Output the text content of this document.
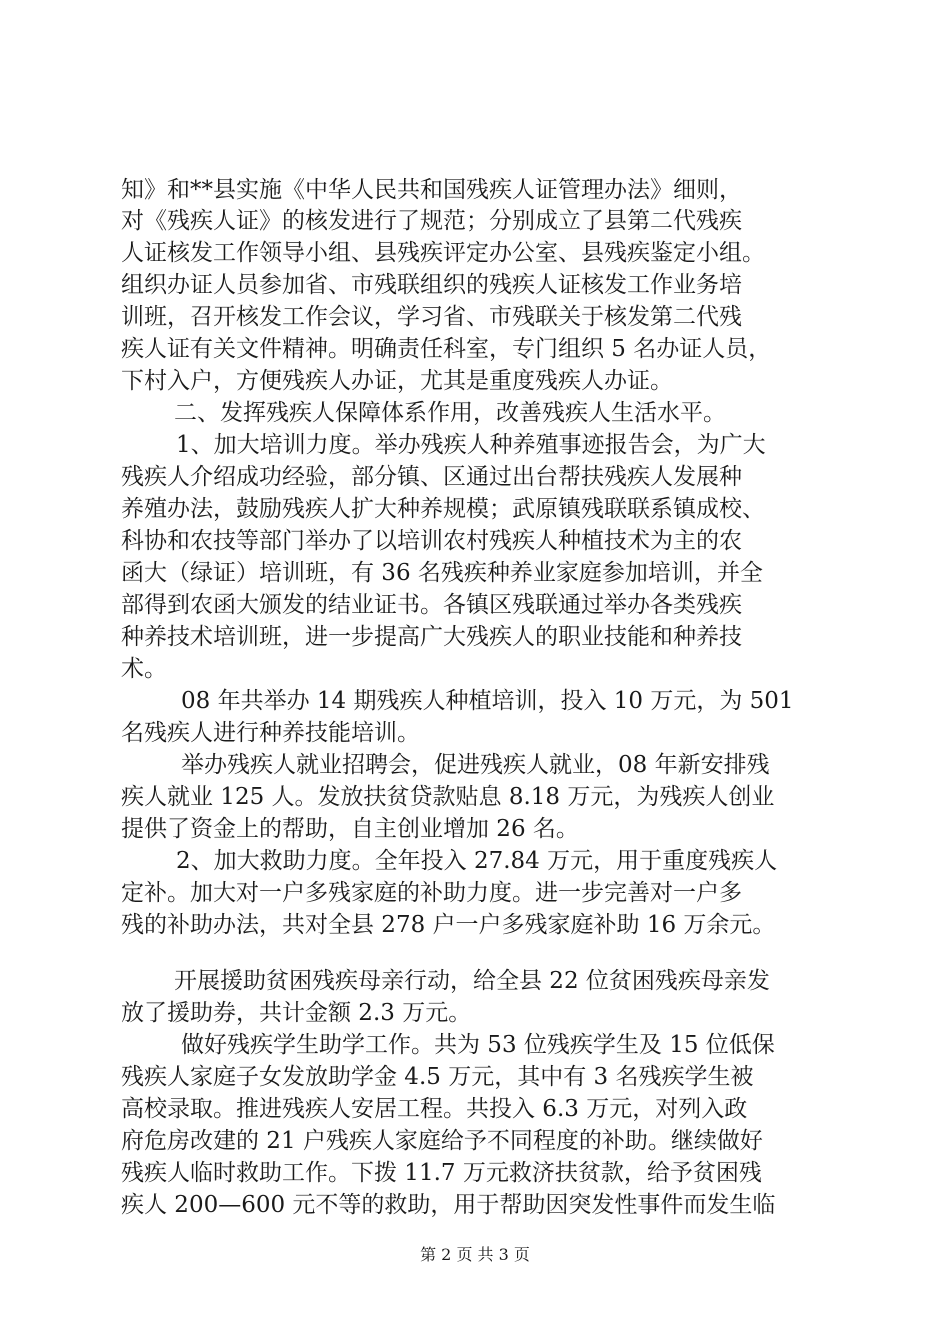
知》和**县实施《中华人民共和国残疾人证管理办法》细则，

对《残疾人证》的核发进行了规范；分别成立了县第二代残疾

人证核发工作领导小组、县残疾评定办公室、县残疾鉴定小组。

组织办证人员参加省、市残联组织的残疾人证核发工作业务培

训班，召开核发工作会议，学习省、市残联关于核发第二代残

疾人证有关文件精神。明确责任科室，专门组织 5 名办证人员，

下村入户，方便残疾人办证，尤其是重度残疾人办证。

二、发挥残疾人保障体系作用，改善残疾人生活水平。

1、加大培训力度。举办残疾人种养殖事迹报告会，为广大

残疾人介绍成功经验，部分镇、区通过出台帮扶残疾人发展种

养殖办法，鼓励残疾人扩大种养规模；武原镇残联联系镇成校、

科协和农技等部门举办了以培训农村残疾人种植技术为主的农

函大（绿证）培训班，有 36 名残疾种养业家庭参加培训，并全

部得到农函大颁发的结业证书。各镇区残联通过举办各类残疾

种养技术培训班，进一步提高广大残疾人的职业技能和种养技

术。

08 年共举办 14 期残疾人种植培训，投入 10 万元，为 501

名残疾人进行种养技能培训。

举办残疾人就业招聘会，促进残疾人就业，08 年新安排残

疾人就业 125 人。发放扶贫贷款贴息 8.18 万元，为残疾人创业

提供了资金上的帮助，自主创业增加 26 名。

2、加大救助力度。全年投入 27.84 万元，用于重度残疾人

定补。加大对一户多残家庭的补助力度。进一步完善对一户多

残的补助办法，共对全县 278 户一户多残家庭补助 16 万余元。

开展援助贫困残疾母亲行动，给全县 22 位贫困残疾母亲发

放了援助券，共计金额 2.3 万元。

做好残疾学生助学工作。共为 53 位残疾学生及 15 位低保

残疾人家庭子女发放助学金 4.5 万元，其中有 3 名残疾学生被

高校录取。推进残疾人安居工程。共投入 6.3 万元，对列入政

府危房改建的 21 户残疾人家庭给予不同程度的补助。继续做好

残疾人临时救助工作。下拨 11.7 万元救济扶贫款，给予贫困残

疾人 200—600 元不等的救助，用于帮助因突发性事件而发生临

第 2 页 共 3 页
